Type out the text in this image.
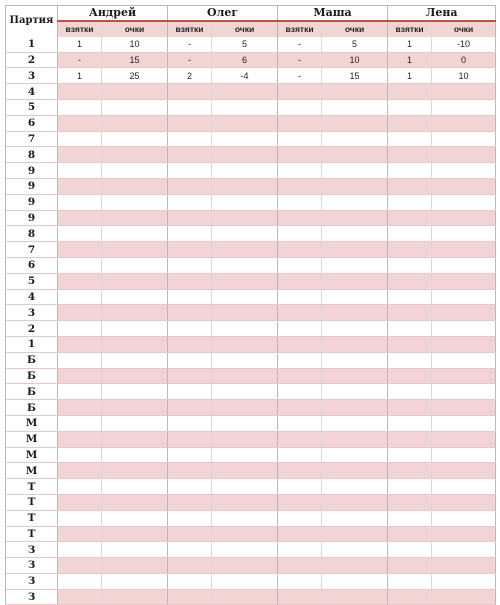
Партия	Андрей		Олег		Маша		Лена	
	взятки	очки	взятки	очки	взятки	очки	взятки	очки
1	1	10	-	5	-	5	1	-10
2	-	15	-	6	-	10	1	0
3	1	25	2	-4	-	15	1	10
4								
5								
6								
7								
8								
9								
9								
9								
9								
8								
7								
6								
5								
4								
3								
2								
1								
Б								
Б								
Б								
Б								
М								
М								
М								
М								
Т								
Т								
Т								
Т								
З								
З								
З								
З								
